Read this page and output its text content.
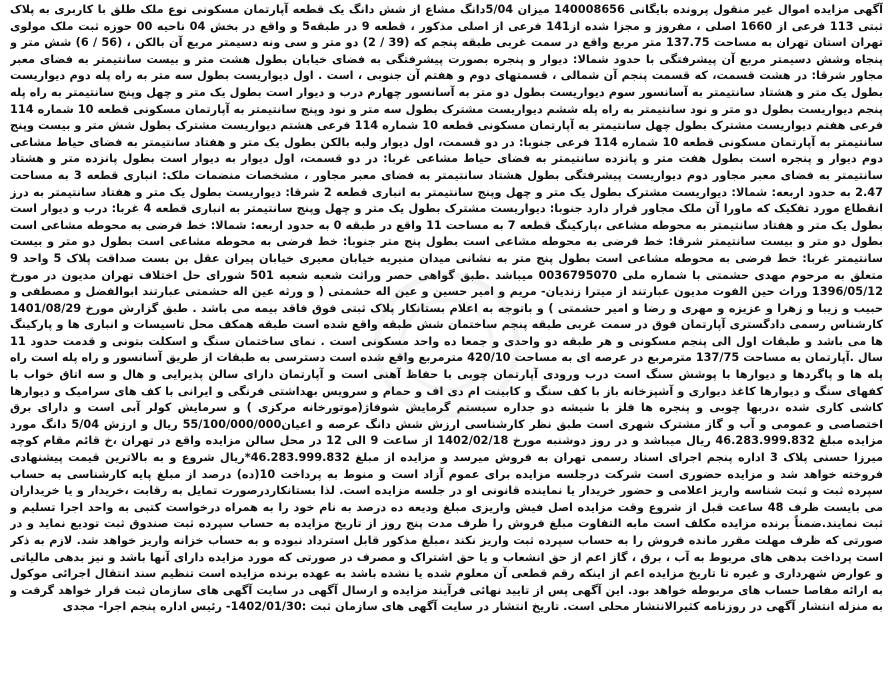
آگهی مزایده اموال غیر منقول پرونده بایگانی 140008656 میزان 5/04دانگ مشاع از شش دانگ یک قطعه آپارتمان مسکونی نوع ملک طلق با کاربری به پلاک ثبتی 113 فرعی از 1660 اصلی ، مفروز و مجزا شده از141 فرعی از اصلی مذکور ، قطعه 9 در طبقه5 و واقع در بخش 04 ناحیه 00 حوزه ثبت ملک مولوی تهران استان تهران به مساحت 137.75 متر مربع واقع در سمت غربی طبقه پنجم که (39 / 2) دو متر و سی ونه دسیمتر مربع آن بالکن ، (56 / 6) شش متر و پنجاه وشش دسیمتر مربع آن پیشرفتگی با حدود شمالا: دیوار و پنجره بصورت پیشرفتگی به فضای خیابان بطول هشت متر و بیست سانتیمتر به فضای معبر مجاور شرقا: در هشت قسمت، که قسمت پنجم آن شمالی ، قسمتهای دوم و هفتم آن جنوبی ، است . اول دیواریست بطول سه متر به راه پله دوم دیواریست بطول یک متر و هشتاد سانتیمتر به آسانسور سوم دیواریست بطول دو متر به آسانسور چهارم درب و دیوار است بطول یک متر و چهل وپنج سانتیمتر به راه پله پنجم دیواریست بطول دو متر و نود سانتیمتر به راه پله ششم دیواریست مشترک بطول سه متر و نود وپنج سانتیمتر به آپارتمان مسکونی قطعه 10 شماره 114 فرعی هفتم دیواریست مشترک بطول چهل سانتیمتر به آپارتمان مسکونی قطعه 10 شماره 114 فرعی هشتم دیواریست مشترک بطول شش متر و بیست وپنج سانتیمتر به آپارتمان مسکونی قطعه 10 شماره 114 فرعی جنوبا: در دو قسمت، اول دیوار ولبه بالکن بطول یک متر و هفتاد سانتیمتر به فضای حیاط مشاعی دوم دیوار و پنجره است بطول هفت متر و پانزده سانتیمتر به فضای حیاط مشاعی غربا: در دو قسمت، اول دیوار به دیوار است بطول پانزده متر و هشتاد سانتیمتر به فضای معبر مجاور دوم دیواریست پیشرفتگی بطول هشتاد سانتیمتر به فضای معبر مجاور ، مشخصات منضمات ملک: انباری قطعه 3 به مساحت 2.47 به حدود اربعه: شمالا: دیواریست مشترک بطول یک متر و چهل وپنج سانتیمتر به انباری قطعه 2 شرقا: دیواریست بطول یک متر و هفتاد سانتیمتر به درز انقطاع مورد تفکیک که ماورا آن ملک مجاور قرار دارد جنوبا: دیواریست مشترک بطول یک متر و چهل وپنج سانتیمتر به انباری قطعه 4 غربا: درب و دیوار است بطول یک متر و هفتاد سانتیمتر به محوطه مشاعی ،پارکینگ قطعه 7 به مساحت 11 واقع در طبقه 0 به حدود اربعه: شمالا: خط فرضی به محوطه مشاعی است بطول دو متر و بیست سانتیمتر شرقا: خط فرضی به محوطه مشاعی است بطول پنج متر جنوبا: خط فرضی به محوطه مشاعی است بطول دو متر و بیست سانتیمتر غربا: خط فرضی به محوطه مشاعی است بطول پنج متر به نشانی میدان منیریه خیابان معیری خیابان پیران عقل بن بست صداقت پلاک 5 واحد 9 متعلق به مرحوم مهدی حشمتی با شماره ملی 0036795070 میباشد .طبق گواهی حصر وراثت شعبه شعبه 501 شورای حل اختلاف تهران مدیون در مورخ 1396/05/12 وراث حین الفوت مدیون عبارتند از میترا زندیان- مریم و امیر حسین و عین اله حشمتی ( و ورثه عین اله حشمتی عبارتند ابوالفضل و مصطفی و حبیب و زیبا و زهرا و عزیزه و مهری و رضا و امیر حشمتی ) و باتوجه به اعلام بستانکار پلاک ثبتی فوق فاقد بیمه می باشد . طبق گزارش مورخ 1401/08/29 کارشناس رسمی دادگستری آپارتمان فوق در سمت غربی طبقه پنجم ساختمان شش طبقه واقع شده است طبقه همکف محل تاسیسات و انباری ها و پارکینگ ها می باشد و طبقات اول الی پنجم مسکونی و هر طبقه دو واحدی و جمعا ده واحد مسکونی است . نمای ساختمان سنگ و اسکلت بتونی و قدمت حدود 11 سال .آپارتمان به مساحت 137/75 مترمربع در عرصه ای به مساحت 420/10 مترمربع واقع شده است دسترسی به طبقات از طریق آسانسور و راه پله است راه پله ها و پاگردها و دیوارها با پوشش سنگ است درب ورودی آپارتمان چوبی با حفاظ آهنی است و آپارتمان دارای سالن پذیرایی و هال و سه اتاق خواب با کفهای سنگ و دیوارها کاغذ دیواری و آشپزخانه باز با کف سنگ و کابینت ام دی اف و حمام و سرویس بهداشتی فرنگی و ایرانی با کف های سرامیک و دیوارها کاشی کاری شده ،دربها چوبی و پنجره ها فلز با شیشه دو جداره سیستم گرمایش شوفاژ(موتورخانه مرکزی ) و سرمایش کولر آبی است و دارای برق اختصاصی و عمومی و آب و گاز مشترک شهری است طبق نظر کارشناسی ارزش شش دانگ عرصه و اعیان55/100/000/000 ریال و ارزش 5/04 دانگ مورد مزایده مبلغ 46.283.999.832 ریال میباشد و در روز دوشنبه مورخ 1402/02/18 از ساعت 9 الی 12 در محل سالن مزایده واقع در تهران ،خ قائم مقام کوچه میرزا حسنی پلاک 3 اداره پنجم اجرای اسناد رسمی تهران به فروش میرسد و مزایده از مبلغ 46.283.999.832*ریال شروع و به بالاترین قیمت پیشنهادی فروخته خواهد شد و مزایده حضوری است شرکت درجلسه مزایده برای عموم آزاد است و منوط به پرداخت 10(ده) درصد از مبلغ پایه کارشناسی به حساب سپرده ثبت و ثبت شناسه واریز اعلامی و حضور خریدار یا نماینده قانونی او در جلسه مزایده است. لذا بستانکاردرصورت تمایل به رقابت ،خریدار و یا خریداران می بایست ظرف 48 ساعت قبل از شروع وقت مزایده اصل فیش واریزی مبلغ ودیعه ده درصد به نام خود را به همراه درخواست کتبی به واحد اجرا تسلیم و ثبت نمایند.ضمناً برنده مزایده مکلف است مابه التفاوت مبلغ فروش را ظرف مدت پنج روز از تاریخ مزایده به حساب سپرده ثبت صندوق ثبت تودیع نماید و در صورتی که ظرف مهلت مقرر مانده فروش را به حساب سپرده ثبت واریز نکند ،مبلغ مذکور قابل استرداد نبوده و به حساب خزانه واریز خواهد شد. لازم به ذکر است پرداخت بدهی های مربوط به آب ، برق ، گاز اعم از حق انشعاب و یا حق اشتراک و مصرف در صورتی که مورد مزایده دارای آنها باشد و نیز بدهی مالیاتی و عوارض شهرداری و غیره تا تاریخ مزایده اعم از اینکه رقم قطعی آن معلوم شده یا نشده باشد به عهده برنده مزایده است تنظیم سند انتقال اجرائی موکول به ارائه مفاصا حساب های مربوطه خواهد بود. این آگهی پس از تایید نهائی فرآیند مزایده و ارسال آگهی در سایت آگهی های سازمان ثبت قرار خواهد گرفت و به منزله انتشار آگهی در روزنامه کثیرالانتشار محلی است. تاریخ انتشار در سایت آگهی های سازمان ثبت :1402/01/30- رئیس اداره پنجم اجرا- مجدی
